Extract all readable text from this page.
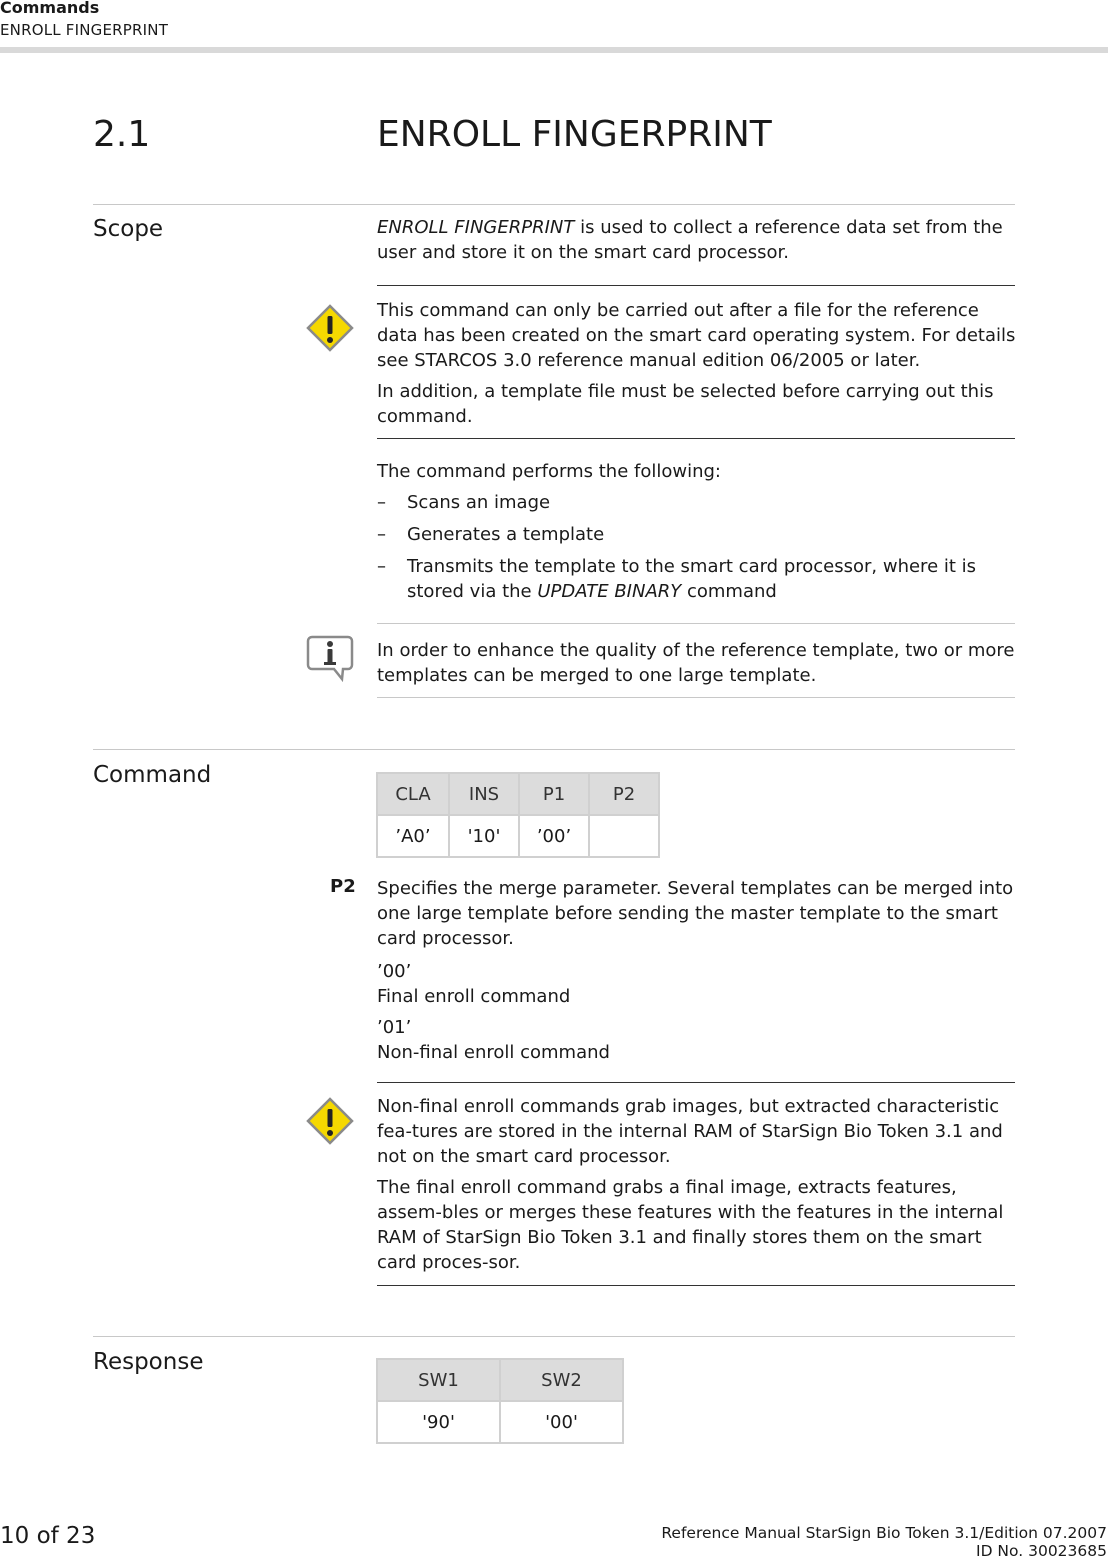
Commands
ENROLL FINGERPRINT
2.1	ENROLL FINGERPRINT
Scope	ENROLL FINGERPRINT is used to collect a reference data set from the user and store it on the smart card processor.

This command can only be carried out after a file for the reference data has been created on the smart card operating system. For details see STARCOS 3.0 reference manual edition 06/2005 or later.

In addition, a template file must be selected before carrying out this command.

The command performs the following:
– Scans an image
– Generates a template
– Transmits the template to the smart card processor, where it is stored via the UPDATE BINARY command
In order to enhance the quality of the reference template, two or more templates can be merged to one large template.
Command
CLA	INS	P1	P2
’A0’	'10'	’00’	
P2 Specifies the merge parameter. Several templates can be merged into one large template before sending the master template to the smart card processor.

’00’

Final enroll command

’01’

Non-final enroll command

Non-final enroll commands grab images, but extracted characteristic fea-tures are stored in the internal RAM of StarSign Bio Token 3.1 and not on the smart card processor.

The final enroll command grabs a final image, extracts features, assem-bles or merges these features with the features in the internal RAM of StarSign Bio Token 3.1 and finally stores them on the smart card proces-sor.

Response
SW1	SW2
'90'	'00'
10 of 23	Reference Manual StarSign Bio Token 3.1/Edition 07.2007
ID No. 30023685
